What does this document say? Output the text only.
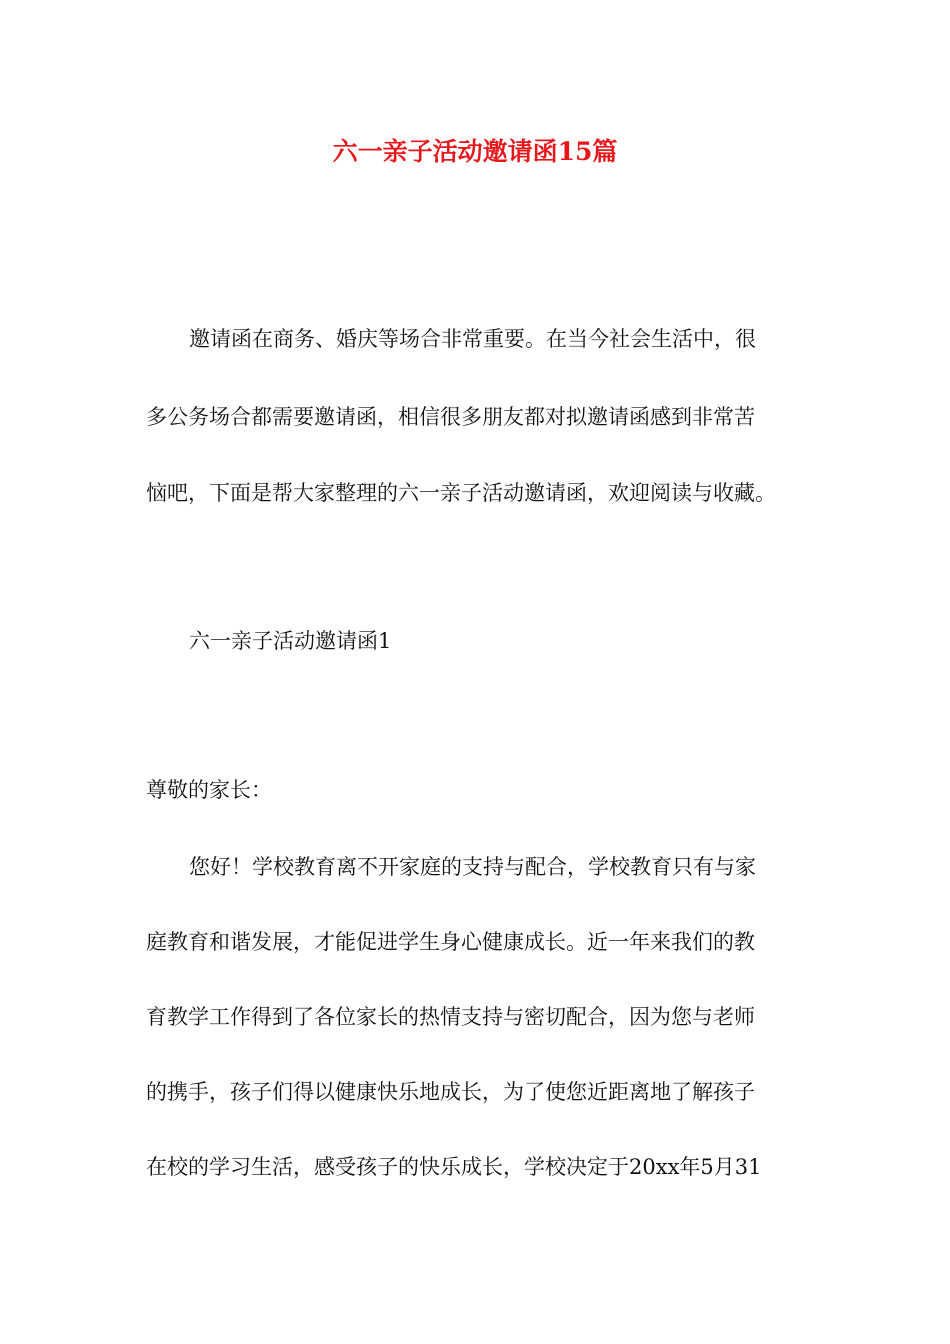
六一亲子活动邀请函15篇
邀请函在商务、婚庆等场合非常重要。在当今社会生活中，很
多公务场合都需要邀请函，相信很多朋友都对拟邀请函感到非常苦
恼吧，下面是帮大家整理的六一亲子活动邀请函，欢迎阅读与收藏。
六一亲子活动邀请函1
尊敬的家长：
您好！学校教育离不开家庭的支持与配合，学校教育只有与家
庭教育和谐发展，才能促进学生身心健康成长。近一年来我们的教
育教学工作得到了各位家长的热情支持与密切配合，因为您与老师
的携手，孩子们得以健康快乐地成长，为了使您近距离地了解孩子
在校的学习生活，感受孩子的快乐成长，学校决定于20xx年5月31
